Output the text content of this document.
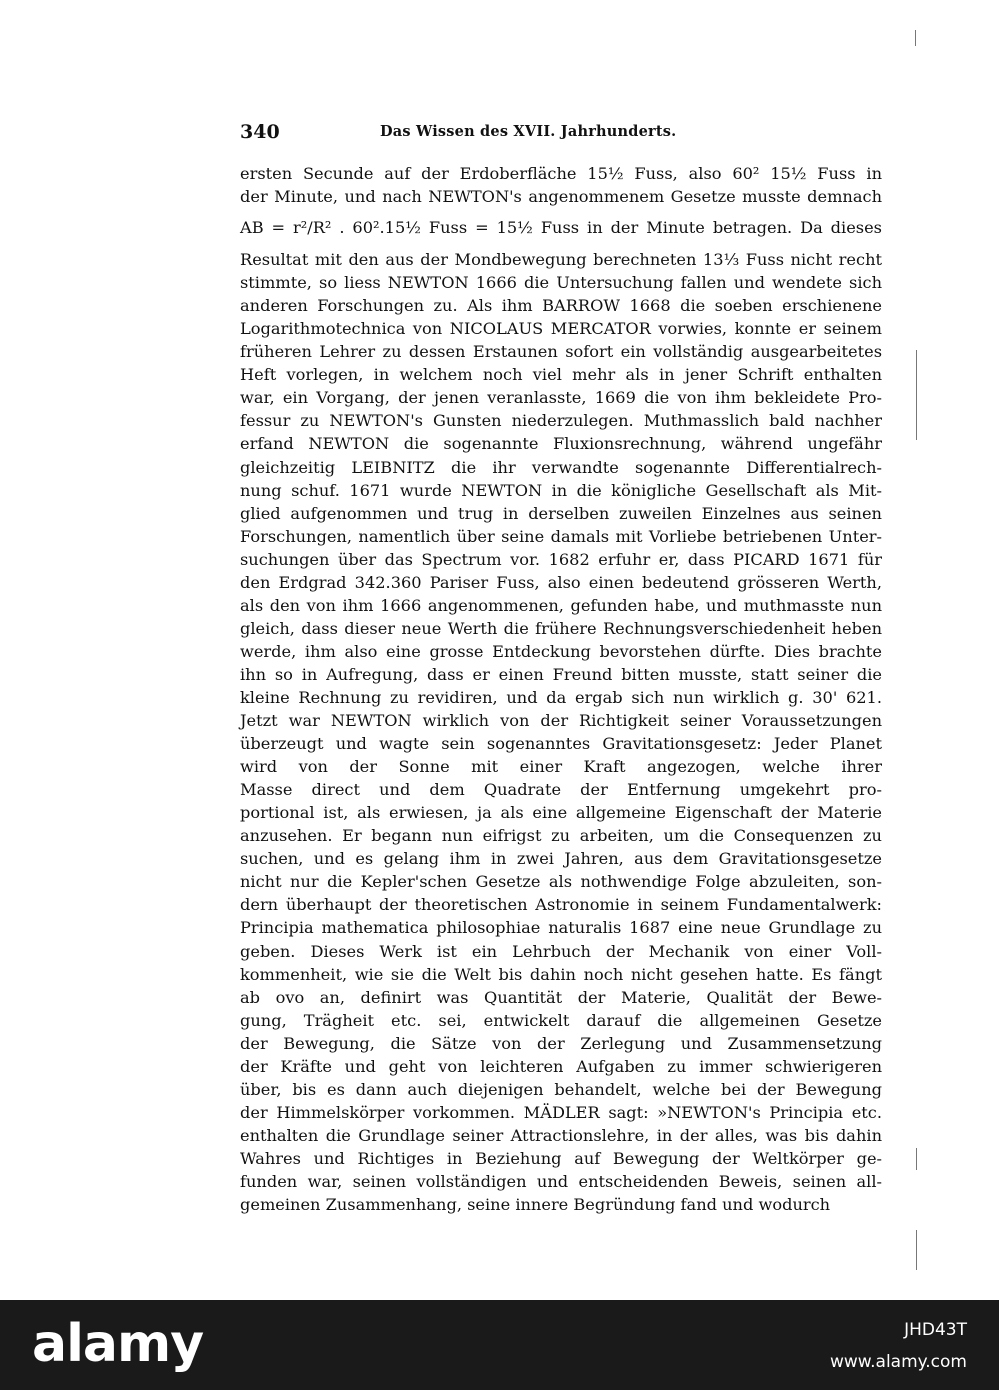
340	Das Wissen des XVII. Jahrhunderts.
ersten Secunde auf der Erdoberfläche 15½ Fuss, also 60² 15½ Fuss in
der Minute, und nach NEWTON's angenommenem Gesetze musste demnach
AB = r²/R² . 60².15½ Fuss = 15½ Fuss in der Minute betragen. Da dieses
Resultat mit den aus der Mondbewegung berechneten 13⅓ Fuss nicht recht
stimmte, so liess NEWTON 1666 die Untersuchung fallen und wendete sich
anderen Forschungen zu. Als ihm BARROW 1668 die soeben erschienene
Logarithmotechnica von NICOLAUS MERCATOR vorwies, konnte er seinem
früheren Lehrer zu dessen Erstaunen sofort ein vollständig ausgearbeitetes
Heft vorlegen, in welchem noch viel mehr als in jener Schrift enthalten
war, ein Vorgang, der jenen veranlasste, 1669 die von ihm bekleidete Pro-
fessur zu NEWTON's Gunsten niederzulegen. Muthmasslich bald nachher
erfand NEWTON die sogenannte Fluxionsrechnung, während ungefähr
gleichzeitig LEIBNITZ die ihr verwandte sogenannte Differentialrech-
nung schuf. 1671 wurde NEWTON in die königliche Gesellschaft als Mit-
glied aufgenommen und trug in derselben zuweilen Einzelnes aus seinen
Forschungen, namentlich über seine damals mit Vorliebe betriebenen Unter-
suchungen über das Spectrum vor. 1682 erfuhr er, dass PICARD 1671 für
den Erdgrad 342.360 Pariser Fuss, also einen bedeutend grösseren Werth,
als den von ihm 1666 angenommenen, gefunden habe, und muthmasste nun
gleich, dass dieser neue Werth die frühere Rechnungsverschiedenheit heben
werde, ihm also eine grosse Entdeckung bevorstehen dürfte. Dies brachte
ihn so in Aufregung, dass er einen Freund bitten musste, statt seiner die
kleine Rechnung zu revidiren, und da ergab sich nun wirklich g. 30' 621.
Jetzt war NEWTON wirklich von der Richtigkeit seiner Voraussetzungen
überzeugt und wagte sein sogenanntes Gravitationsgesetz: Jeder Planet
wird von der Sonne mit einer Kraft angezogen, welche ihrer
Masse direct und dem Quadrate der Entfernung umgekehrt pro-
portional ist, als erwiesen, ja als eine allgemeine Eigenschaft der Materie
anzusehen. Er begann nun eifrigst zu arbeiten, um die Consequenzen zu
suchen, und es gelang ihm in zwei Jahren, aus dem Gravitationsgesetze
nicht nur die Kepler'schen Gesetze als nothwendige Folge abzuleiten, son-
dern überhaupt der theoretischen Astronomie in seinem Fundamentalwerk:
Principia mathematica philosophiae naturalis 1687 eine neue Grundlage zu
geben. Dieses Werk ist ein Lehrbuch der Mechanik von einer Voll-
kommenheit, wie sie die Welt bis dahin noch nicht gesehen hatte. Es fängt
ab ovo an, definirt was Quantität der Materie, Qualität der Bewe-
gung, Trägheit etc. sei, entwickelt darauf die allgemeinen Gesetze
der Bewegung, die Sätze von der Zerlegung und Zusammensetzung
der Kräfte und geht von leichteren Aufgaben zu immer schwierigeren
über, bis es dann auch diejenigen behandelt, welche bei der Bewegung
der Himmelskörper vorkommen. MÄDLER sagt: »NEWTON's Principia etc.
enthalten die Grundlage seiner Attractionslehre, in der alles, was bis dahin
Wahres und Richtiges in Beziehung auf Bewegung der Weltkörper ge-
funden war, seinen vollständigen und entscheidenden Beweis, seinen all-
gemeinen Zusammenhang, seine innere Begründung fand und wodurch
alamy	JHD43T
www.alamy.com
